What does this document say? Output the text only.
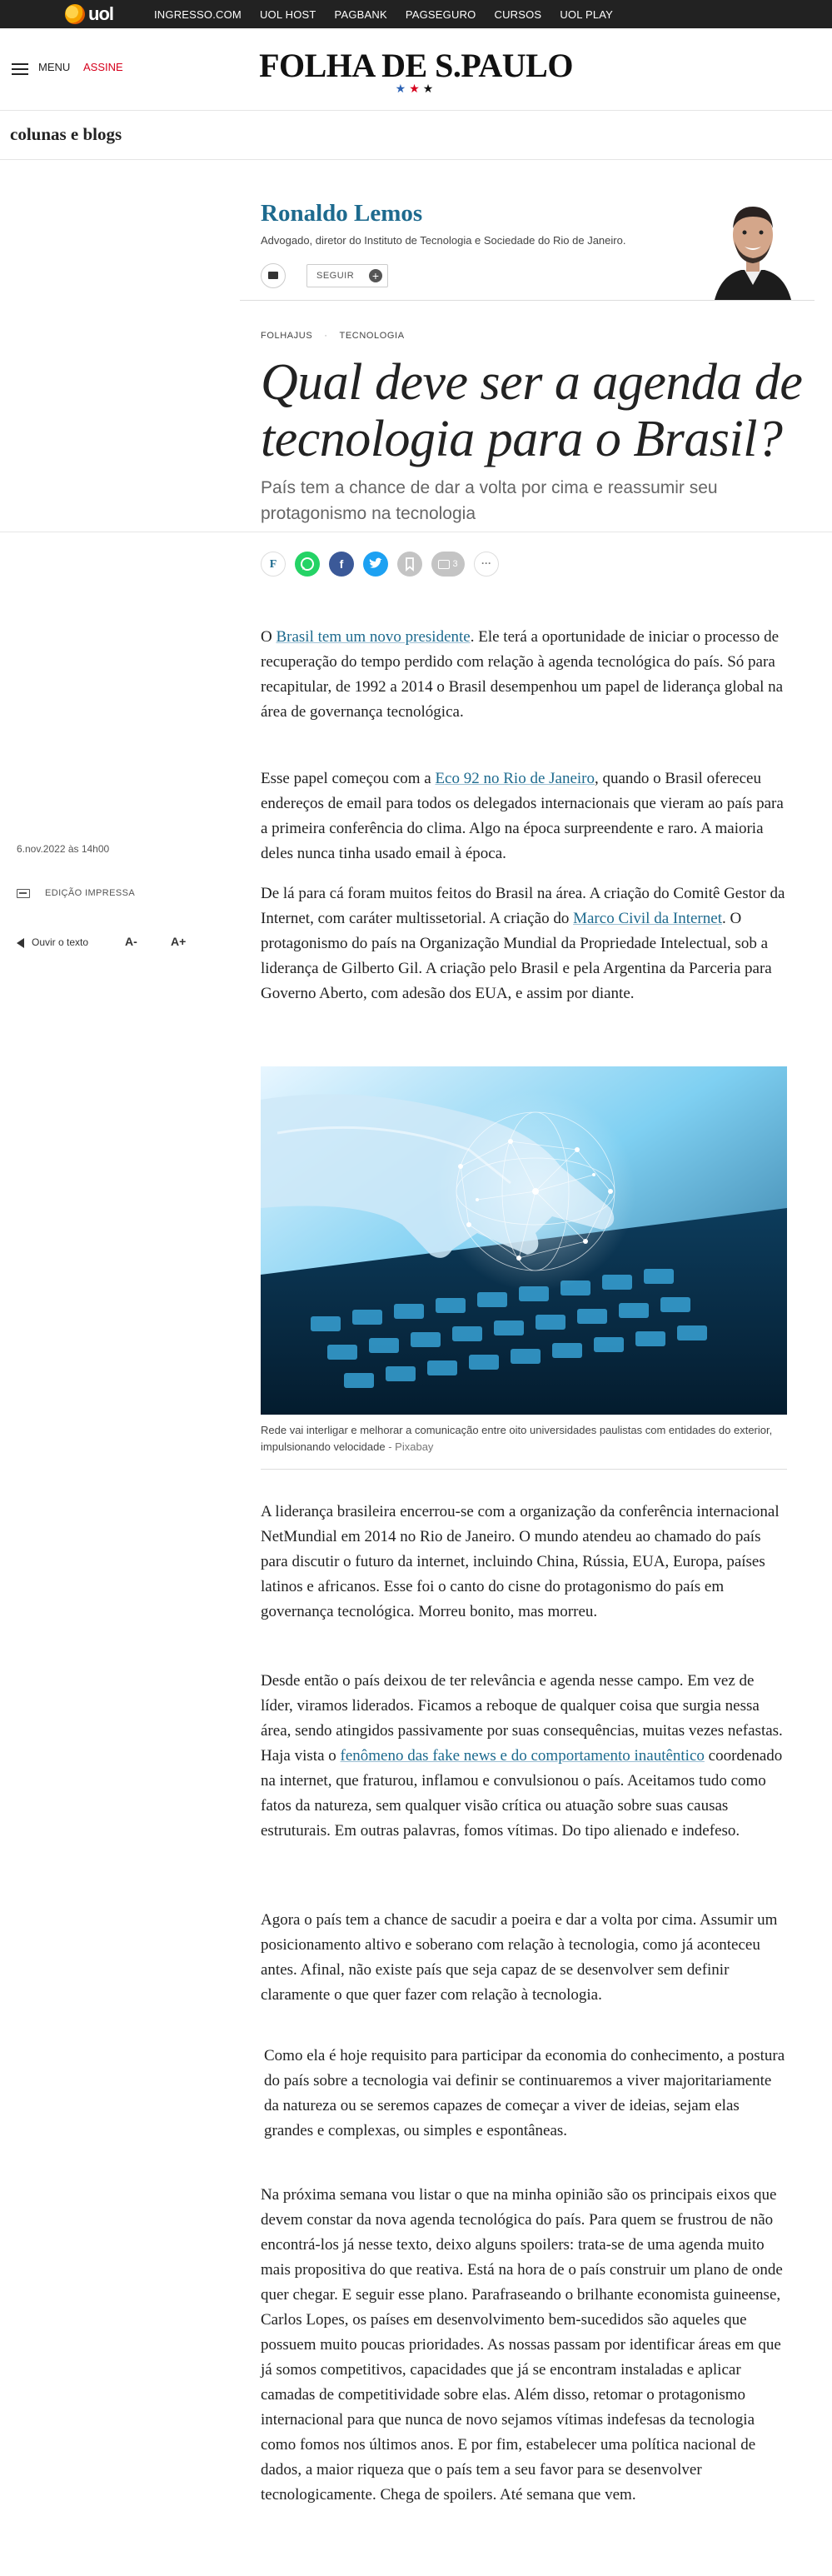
uol	INGRESSO.COM UOL HOST PAGBANK PAGSEGURO CURSOS UOL PLAY
MENU ASSINE	FOLHA DE S.PAULO
★★★
colunas e blogs
Ronaldo Lemos
Advogado, diretor do Instituto de Tecnologia e Sociedade do Rio de Janeiro.
SEGUIR +
FOLHAJUS · TECNOLOGIA
Qual deve ser a agenda de tecnologia para o Brasil?
País tem a chance de dar a volta por cima e reassumir seu protagonismo na tecnologia
F	f	3	···
6.nov.2022 às 14h00
EDIÇÃO IMPRESSA
Ouvir o texto	A-	A+

O Brasil tem um novo presidente. Ele terá a oportunidade de iniciar o processo de recuperação do tempo perdido com relação à agenda tecnológica do país. Só para recapitular, de 1992 a 2014 o Brasil desempenhou um papel de liderança global na área de governança tecnológica.

Esse papel começou com a Eco 92 no Rio de Janeiro, quando o Brasil ofereceu endereços de email para todos os delegados internacionais que vieram ao país para a primeira conferência do clima. Algo na época surpreendente e raro. A maioria deles nunca tinha usado email à época.

De lá para cá foram muitos feitos do Brasil na área. A criação do Comitê Gestor da Internet, com caráter multissetorial. A criação do Marco Civil da Internet. O protagonismo do país na Organização Mundial da Propriedade Intelectual, sob a liderança de Gilberto Gil. A criação pelo Brasil e pela Argentina da Parceria para Governo Aberto, com adesão dos EUA, e assim por diante.

Rede vai interligar e melhorar a comunicação entre oito universidades paulistas com entidades do exterior, impulsionando velocidade - Pixabay

A liderança brasileira encerrou-se com a organização da conferência internacional NetMundial em 2014 no Rio de Janeiro. O mundo atendeu ao chamado do país para discutir o futuro da internet, incluindo China, Rússia, EUA, Europa, países latinos e africanos. Esse foi o canto do cisne do protagonismo do país em governança tecnológica. Morreu bonito, mas morreu.

Desde então o país deixou de ter relevância e agenda nesse campo. Em vez de líder, viramos liderados. Ficamos a reboque de qualquer coisa que surgia nessa área, sendo atingidos passivamente por suas consequências, muitas vezes nefastas. Haja vista o fenômeno das fake news e do comportamento inautêntico coordenado na internet, que fraturou, inflamou e convulsionou o país. Aceitamos tudo como fatos da natureza, sem qualquer visão crítica ou atuação sobre suas causas estruturais. Em outras palavras, fomos vítimas. Do tipo alienado e indefeso.

Agora o país tem a chance de sacudir a poeira e dar a volta por cima. Assumir um posicionamento altivo e soberano com relação à tecnologia, como já aconteceu antes. Afinal, não existe país que seja capaz de se desenvolver sem definir claramente o que quer fazer com relação à tecnologia.

Como ela é hoje requisito para participar da economia do conhecimento, a postura do país sobre a tecnologia vai definir se continuaremos a viver majoritariamente da natureza ou se seremos capazes de começar a viver de ideias, sejam elas grandes e complexas, ou simples e espontâneas.

Na próxima semana vou listar o que na minha opinião são os principais eixos que devem constar da nova agenda tecnológica do país. Para quem se frustrou de não encontrá-los já nesse texto, deixo alguns spoilers: trata-se de uma agenda muito mais propositiva do que reativa. Está na hora de o país construir um plano de onde quer chegar. E seguir esse plano. Parafraseando o brilhante economista guineense, Carlos Lopes, os países em desenvolvimento bem-sucedidos são aqueles que possuem muito poucas prioridades. As nossas passam por identificar áreas em que já somos competitivos, capacidades que já se encontram instaladas e aplicar camadas de competitividade sobre elas. Além disso, retomar o protagonismo internacional para que nunca de novo sejamos vítimas indefesas da tecnologia como fomos nos últimos anos. E por fim, estabelecer uma política nacional de dados, a maior riqueza que o país tem a seu favor para se desenvolver tecnologicamente. Chega de spoilers. Até semana que vem.
